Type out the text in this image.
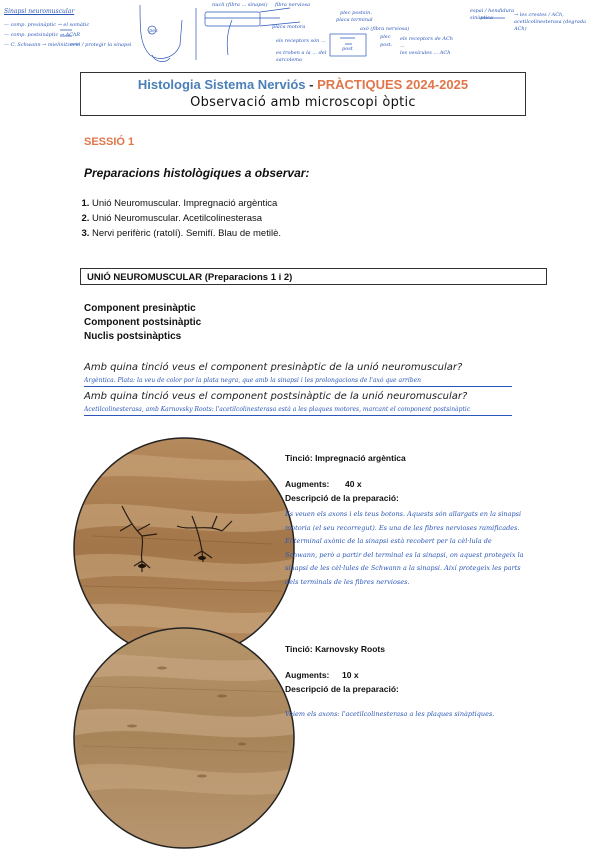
Sinapsi neuromuscular
— comp. presinàptic → el somàtic
— comp. postsinàptic → AChR
— C. Schwann → mielinització / protegir la sinapsi
nucli (fibra ... sinapsi) fibra nerviosa
plec postsin.
placa terminal
axó (fibra nerviosa)
placa motora
els receptors són ...
es troben a la ... del sarcolema
plec
post.
els receptors de ACh ...
les vesícules ... ACh
espai / hendidura sinàptica	→ les crestes / ACh, acetilcolinesterasa (degrada ACh)
pes
post
Histologia Sistema Nerviós - PRÀCTIQUES 2024-2025
Observació amb microscopi òptic
SESSIÓ 1
Preparacions histològiques a observar:
1. Unió Neuromuscular. Impregnació argèntica
2. Unió Neuromuscular. Acetilcolinesterasa
3. Nervi perifèric (ratolí). Semifí. Blau de metilè.
UNIÓ NEUROMUSCULAR (Preparacions 1 i 2)
Component presinàptic
Component postsinàptic
Nuclis postsinàptics
Amb quina tinció veus el component presinàptic de la unió neuromuscular?
Argèntica. Plata: la veu de color por la plata negra, que amb la sinapsi i les prolongacions de l'axó que arriben
Amb quina tinció veus el component postsinàptic de la unió neuromuscular?
Acetilcolinesterasa, amb Karnovsky Roots: l'acetilcolinesterasa està a les plaques motores, marcant el component postsinàptic
Tinció: Impregnació argèntica
Augments: 40 x
Descripció de la preparació:
Es veuen els axons i els teus botons. Aquests són allargats en la sinapsi motoria (el seu recorregut). Es una de les fibres nervioses ramificades. El terminal axònic de la sinapsi està recobert per la cèl·lula de Schwann, però a partir del terminal es la sinapsi, on aquest protegeix la sinapsi de les cèl·lules de Schwann a la sinapsi. Així protegeix les parts dels terminals de les fibres nervioses.
Tinció: Karnovsky Roots
Augments: 10 x
Descripció de la preparació:
Veiem els axons: l'acetilcolinesterasa a les plaques sinàptiques.
